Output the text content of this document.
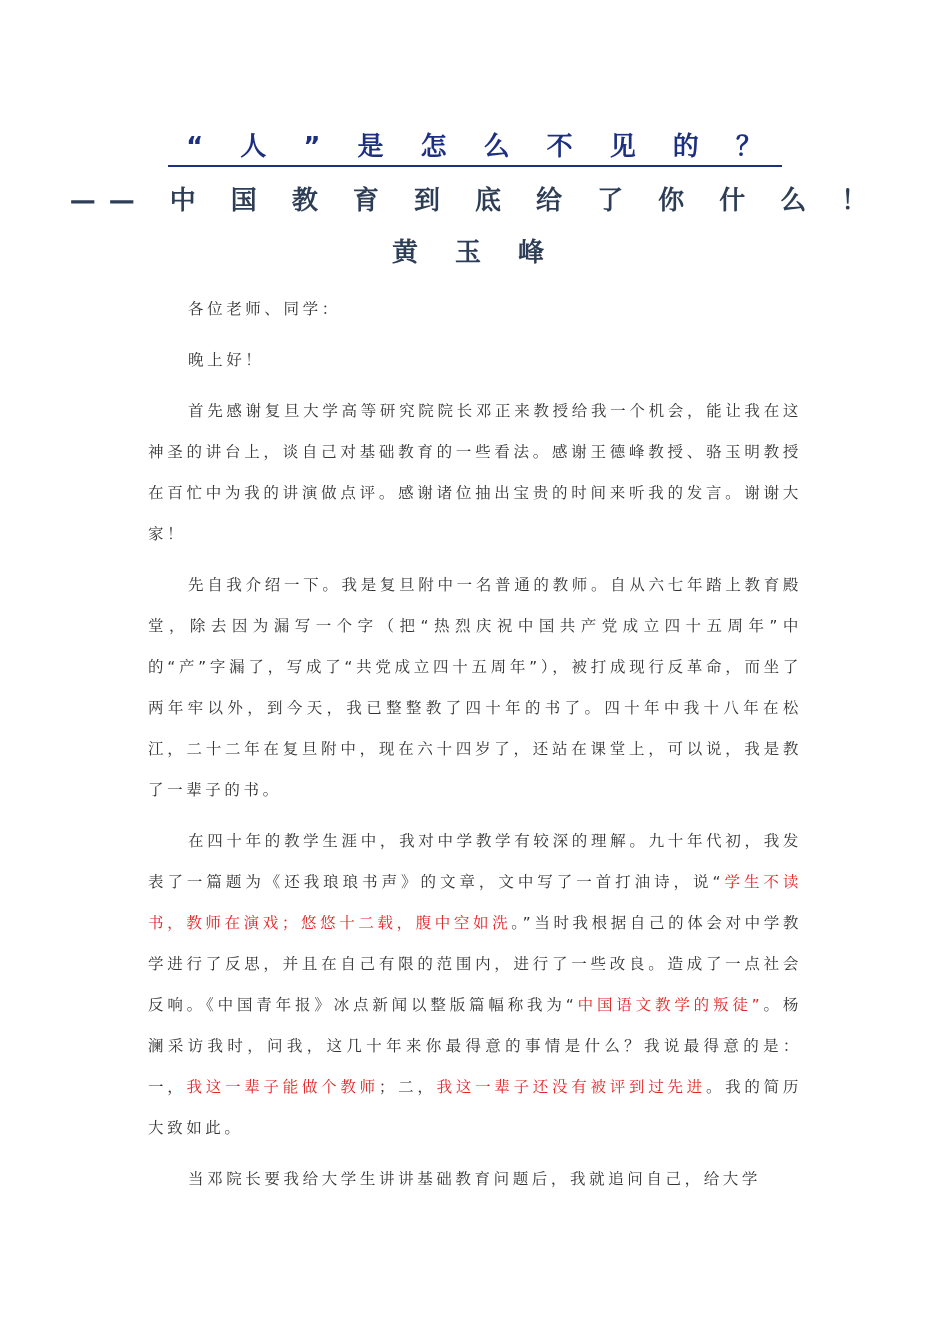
“ 人 ” 是 怎 么 不 见 的 ？
—— 中 国 教 育 到 底 给 了 你 什 么 ！
黄 玉 峰

各位老师、同学：

晚上好！

首先感谢复旦大学高等研究院院长邓正来教授给我一个机会，能让我在这神圣的讲台上，谈自己对基础教育的一些看法。感谢王德峰教授、骆玉明教授在百忙中为我的讲演做点评。感谢诸位抽出宝贵的时间来听我的发言。谢谢大家！

先自我介绍一下。我是复旦附中一名普通的教师。自从六七年踏上教育殿堂，除去因为漏写一个字（把“热烈庆祝中国共产党成立四十五周年”中的“产”字漏了，写成了“共党成立四十五周年”），被打成现行反革命，而坐了两年牢以外，到今天，我已整整教了四十年的书了。四十年中我十八年在松江，二十二年在复旦附中，现在六十四岁了，还站在课堂上，可以说，我是教了一辈子的书。

在四十年的教学生涯中，我对中学教学有较深的理解。九十年代初，我发表了一篇题为《还我琅琅书声》的文章，文中写了一首打油诗，说“学生不读书，教师在演戏；悠悠十二载，腹中空如洗。”当时我根据自己的体会对中学教学进行了反思，并且在自己有限的范围内，进行了一些改良。造成了一点社会反响。《中国青年报》冰点新闻以整版篇幅称我为“中国语文教学的叛徒”。杨澜采访我时，问我，这几十年来你最得意的事情是什么？我说最得意的是：一，我这一辈子能做个教师；二，我这一辈子还没有被评到过先进。我的简历大致如此。

当邓院长要我给大学生讲讲基础教育问题后，我就追问自己，给大学
